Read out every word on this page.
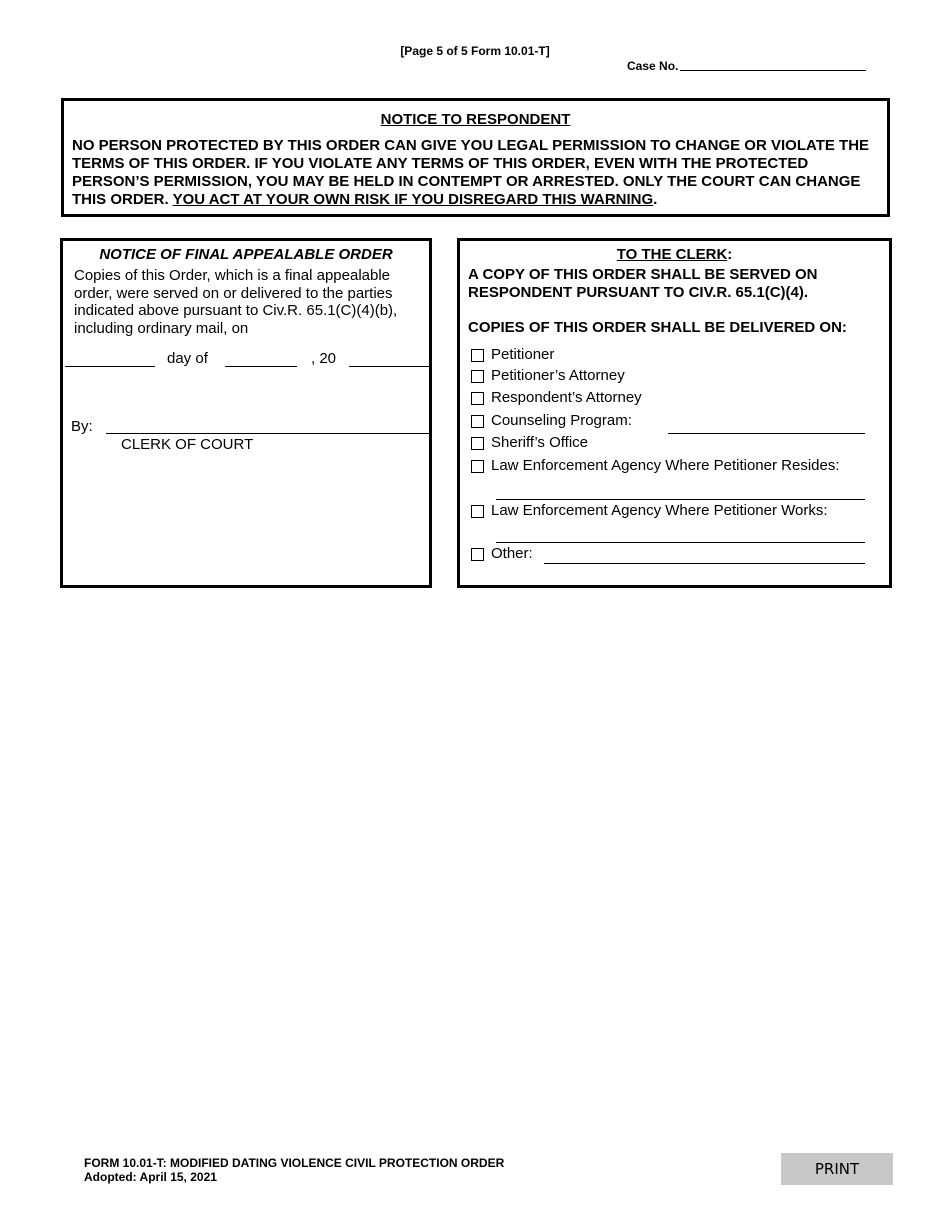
[Page 5 of 5 Form 10.01-T]
Case No.
NOTICE TO RESPONDENT
NO PERSON PROTECTED BY THIS ORDER CAN GIVE YOU LEGAL PERMISSION TO CHANGE OR VIOLATE THE TERMS OF THIS ORDER. IF YOU VIOLATE ANY TERMS OF THIS ORDER, EVEN WITH THE PROTECTED PERSON’S PERMISSION, YOU MAY BE HELD IN CONTEMPT OR ARRESTED. ONLY THE COURT CAN CHANGE THIS ORDER. YOU ACT AT YOUR OWN RISK IF YOU DISREGARD THIS WARNING.
NOTICE OF FINAL APPEALABLE ORDER
Copies of this Order, which is a final appealable order, were served on or delivered to the parties indicated above pursuant to Civ.R. 65.1(C)(4)(b), including ordinary mail, on
day of	, 20
By:
CLERK OF COURT
TO THE CLERK:
A COPY OF THIS ORDER SHALL BE SERVED ON RESPONDENT PURSUANT TO CIV.R. 65.1(C)(4).
COPIES OF THIS ORDER SHALL BE DELIVERED ON:
Petitioner
Petitioner’s Attorney
Respondent’s Attorney
Counseling Program:
Sheriff’s Office
Law Enforcement Agency Where Petitioner Resides:
Law Enforcement Agency Where Petitioner Works:
Other:
FORM 10.01-T: MODIFIED DATING VIOLENCE CIVIL PROTECTION ORDER
Adopted: April 15, 2021	PRINT
